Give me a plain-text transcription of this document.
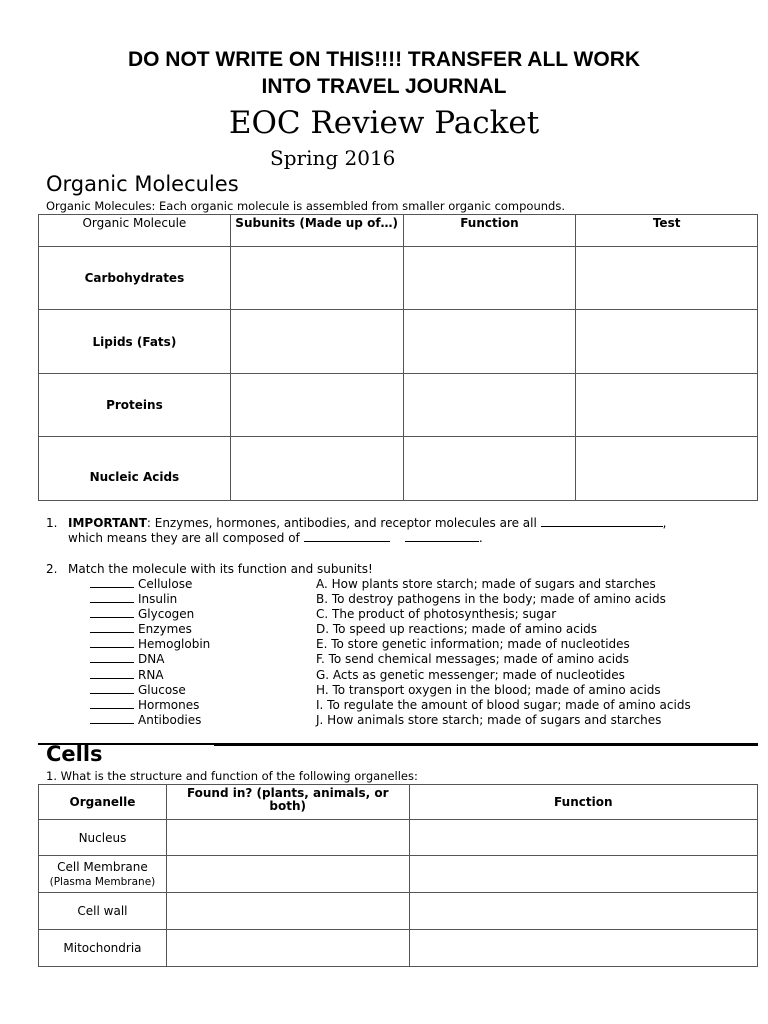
DO NOT WRITE ON THIS!!!! TRANSFER ALL WORK
INTO TRAVEL JOURNAL
EOC Review Packet
Spring 2016
Organic Molecules
Organic Molecules: Each organic molecule is assembled from smaller organic compounds.
Organic Molecule	Subunits (Made up of…)	Function	Test
Carbohydrates			
Lipids (Fats)			
Proteins			
Nucleic Acids			
1. IMPORTANT: Enzymes, hormones, antibodies, and receptor molecules are all	,
which means they are all composed of	.
2. Match the molecule with its function and subunits!
Cellulose
Insulin
Glycogen
Enzymes
Hemoglobin
DNA
RNA
Glucose
Hormones
Antibodies
A. How plants store starch; made of sugars and starches
B. To destroy pathogens in the body; made of amino acids
C. The product of photosynthesis; sugar
D. To speed up reactions; made of amino acids
E. To store genetic information; made of nucleotides
F. To send chemical messages; made of amino acids
G. Acts as genetic messenger; made of nucleotides
H. To transport oxygen in the blood; made of amino acids
I. To regulate the amount of blood sugar; made of amino acids
J. How animals store starch; made of sugars and starches
Cells
1. What is the structure and function of the following organelles:
Organelle	Found in? (plants, animals, or both)	Function
Nucleus		
Cell Membrane
(Plasma Membrane)		
Cell wall		
Mitochondria		
